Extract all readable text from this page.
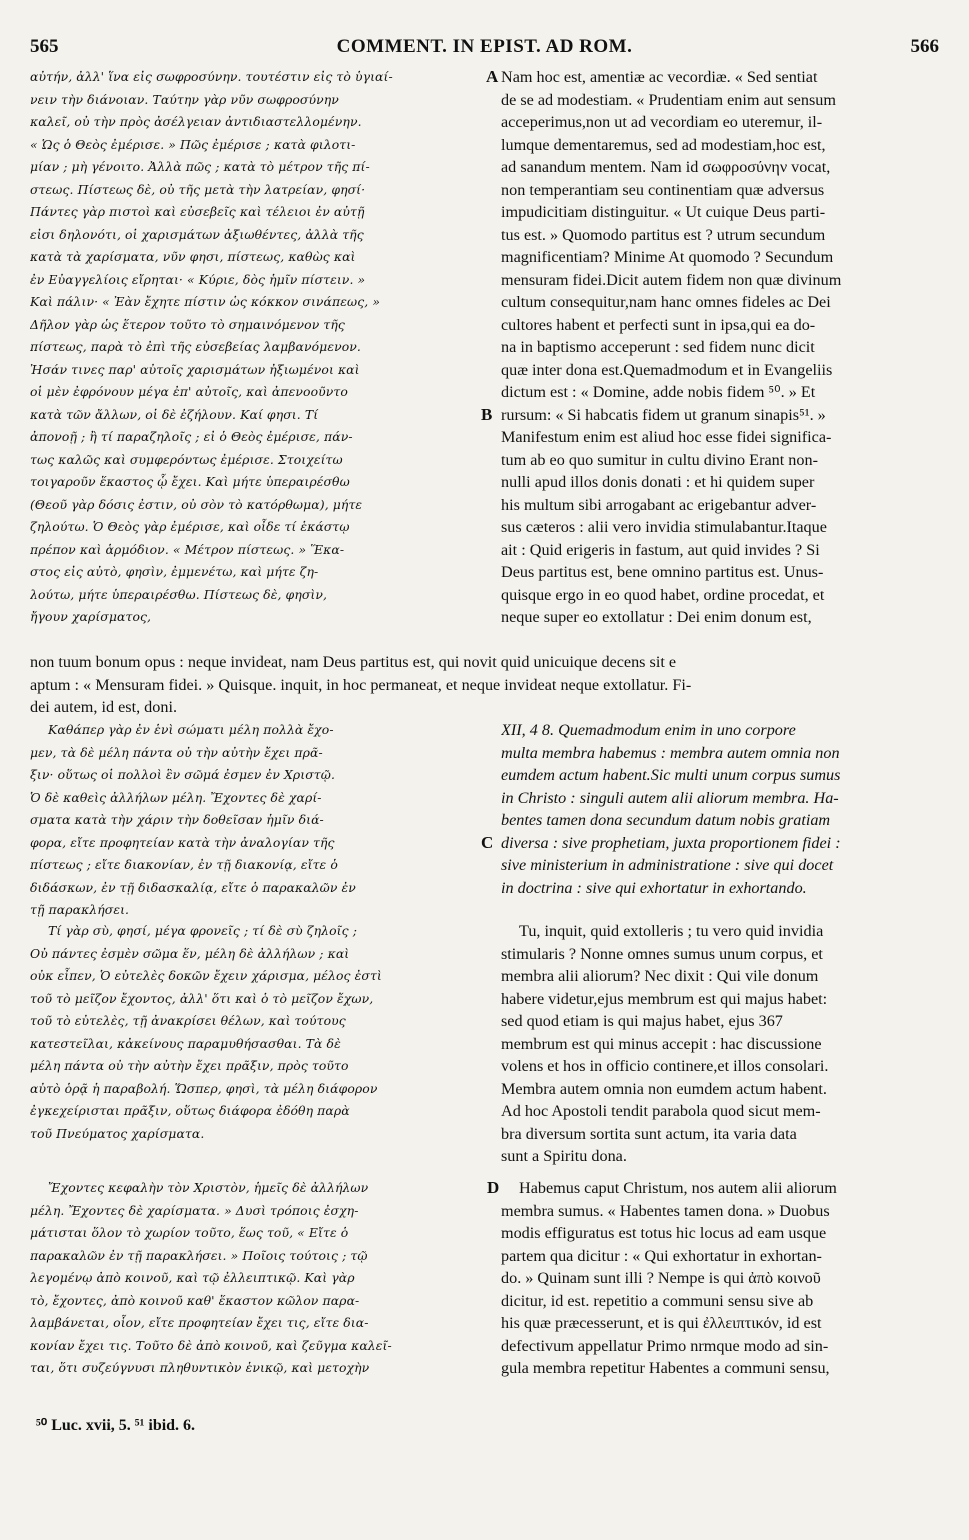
565	COMMENT. IN EPIST. AD ROM.	566
αὐτήν, ἀλλ' ἵνα εἰς σωφροσύνην. τουτέστιν εἰς τὸ ὑγιαί-
νειν τὴν διάνοιαν. Ταύτην γὰρ νῦν σωφροσύνην
καλεῖ, οὐ τὴν πρὸς ἀσέλγειαν ἀντιδιαστελλομένην.
« Ὡς ὁ Θεὸς ἐμέρισε. » Πῶς ἐμέρισε ; κατὰ φιλοτι-
μίαν ; μὴ γένοιτο. Ἀλλὰ πῶς ; κατὰ τὸ μέτρον τῆς πί-
στεως. Πίστεως δὲ, οὐ τῆς μετὰ τὴν λατρείαν, φησί·
Πάντες γὰρ πιστοὶ καὶ εὐσεβεῖς καὶ τέλειοι ἐν αὐτῇ
εἰσι δηλονότι, οἱ χαρισμάτων ἀξιωθέντες, ἀλλὰ τῆς
κατὰ τὰ χαρίσματα, νῦν φησι, πίστεως, καθὼς καὶ
ἐν Εὐαγγελίοις εἴρηται· « Κύριε, δὸς ἡμῖν πίστειν. »
Καὶ πάλιν· « Ἐὰν ἔχητε πίστιν ὡς κόκκον σινάπεως, »
Δῆλον γὰρ ὡς ἕτερον τοῦτο τὸ σημαινόμενον τῆς
πίστεως, παρὰ τὸ ἐπὶ τῆς εὐσεβείας λαμβανόμενον.
Ἠσάν τινες παρ' αὐτοῖς χαρισμάτων ἠξιωμένοι καὶ
οἱ μὲν ἐφρόνουν μέγα ἐπ' αὐτοῖς, καὶ ἀπενοοῦντο
κατὰ τῶν ἄλλων, οἱ δὲ ἐζήλουν. Καί φησι. Τί
ἀπονοῇ ; ἢ τί παραζηλοῖς ; εἰ ὁ Θεὸς ἐμέρισε, πάν-
τως καλῶς καὶ συμφερόντως ἐμέρισε. Στοιχείτω
τοιγαροῦν ἕκαστος ᾧ ἔχει. Καὶ μήτε ὑπεραιρέσθω
(Θεοῦ γὰρ δόσις ἐστιν, οὐ σὸν τὸ κατόρθωμα), μήτε
ζηλούτω. Ὁ Θεὸς γὰρ ἐμέρισε, καὶ οἶδε τί ἑκάστῳ
πρέπον καὶ ἁρμόδιον. « Μέτρον πίστεως. » Ἕκα-
στος εἰς αὐτὸ, φησὶν, ἐμμενέτω, καὶ μήτε ζη-
λούτω, μήτε ὑπεραιρέσθω. Πίστεως δὲ, φησὶν,
ἤγουν χαρίσματος,
Nam hoc est, amentiæ ac vecordiæ. « Sed sentiat
de se ad modestiam. « Prudentiam enim aut sensum
acceperimus,non ut ad vecordiam eo uteremur, il-
lumque dementaremus, sed ad modestiam,hoc est,
ad sanandum mentem. Nam id σωφροσύνην vocat,
non temperantiam seu continentiam quæ adversus
impudicitiam distinguitur. « Ut cuique Deus parti-
tus est. » Quomodo partitus est ? utrum secundum
magnificentiam? Minime At quomodo ? Secundum
mensuram fidei.Dicit autem fidem non quæ divinum
cultum consequitur,nam hanc omnes fideles ac Dei
cultores habent et perfecti sunt in ipsa,qui ea do-
na in baptismo acceperunt : sed fidem nunc dicit
quæ inter dona est.Quemadmodum et in Evangeliis
dictum est : « Domine, adde nobis fidem ⁵⁰. » Et
rursum: « Si habcatis fidem ut granum sinapis⁵¹. »
Manifestum enim est aliud hoc esse fidei significa-
tum ab eo quo sumitur in cultu divino Erant non-
nulli apud illos donis donati : et hi quidem super
his multum sibi arrogabant ac erigebantur adver-
sus cæteros : alii vero invidia stimulabantur.Itaque
ait : Quid erigeris in fastum, aut quid invides ? Si
Deus partitus est, bene omnino partitus est. Unus-
quisque ergo in eo quod habet, ordine procedat, et
neque super eo extollatur : Dei enim donum est,
non tuum bonum opus : neque invideat, nam Deus partitus est, qui novit quid unicuique decens sit e
aptum : « Mensuram fidei. » Quisque. inquit, in hoc permaneat, et neque invideat neque extollatur. Fi-
dei autem, id est, doni.
Καθάπερ γὰρ ἐν ἑνὶ σώματι μέλη πολλὰ ἔχο-
μεν, τὰ δὲ μέλη πάντα οὐ τὴν αὐτὴν ἔχει πρᾶ-
ξιν· οὕτως οἱ πολλοὶ ἓν σῶμά ἐσμεν ἐν Χριστῷ.
Ὁ δὲ καθεὶς ἀλλήλων μέλη. Ἔχοντες δὲ χαρί-
σματα κατὰ τὴν χάριν τὴν δοθεῖσαν ἡμῖν διά-
φορα, εἴτε προφητείαν κατὰ τὴν ἀναλογίαν τῆς
πίστεως ; εἴτε διακονίαν, ἐν τῇ διακονίᾳ, εἴτε ὁ
διδάσκων, ἐν τῇ διδασκαλίᾳ, εἴτε ὁ παρακαλῶν ἐν
τῇ παρακλήσει.
XII, 4 8. Quemadmodum enim in uno corpore
multa membra habemus : membra autem omnia non
eumdem actum habent.Sic multi unum corpus sumus
in Christo : singuli autem alii aliorum membra. Ha-
bentes tamen dona secundum datum nobis gratiam
diversa : sive prophetiam, juxta proportionem fidei :
sive ministerium in administratione : sive qui docet
in doctrina : sive qui exhortatur in exhortando.
Τί γὰρ σὺ, φησί, μέγα φρονεῖς ; τί δὲ σὺ ζηλοῖς ;
Οὐ πάντες ἐσμὲν σῶμα ἕν, μέλη δὲ ἀλλήλων ; καὶ
οὐκ εἶπεν, Ὁ εὐτελὲς δοκῶν ἔχειν χάρισμα, μέλος ἐστὶ
τοῦ τὸ μεῖζον ἔχοντος, ἀλλ' ὅτι καὶ ὁ τὸ μεῖζον ἔχων,
τοῦ τὸ εὐτελὲς, τῇ ἀνακρίσει θέλων, καὶ τούτους
κατεστεῖλαι, κἀκείνους παραμυθήσασθαι. Τὰ δὲ
μέλη πάντα οὐ τὴν αὐτὴν ἔχει πρᾶξιν, πρὸς τοῦτο
αὐτὸ ὁρᾷ ἡ παραβολή. Ὥσπερ, φησὶ, τὰ μέλη διάφορον
ἐγκεχείρισται πρᾶξιν, οὕτως διάφορα ἐδόθη παρὰ
τοῦ Πνεύματος χαρίσματα.
Tu, inquit, quid extolleris ; tu vero quid invidia
stimularis ? Nonne omnes sumus unum corpus, et
membra alii aliorum? Nec dixit : Qui vile donum
habere videtur,ejus membrum est qui majus habet:
sed quod etiam is qui majus habet, ejus 367
membrum est qui minus accepit : hac discussione
volens et hos in officio continere,et illos consolari.
Membra autem omnia non eumdem actum habent.
Ad hoc Apostoli tendit parabola quod sicut mem-
bra diversum sortita sunt actum, ita varia data
sunt a Spiritu dona.
Ἔχοντες κεφαλὴν τὸν Χριστὸν, ἡμεῖς δὲ ἀλλήλων
μέλη. Ἔχοντες δὲ χαρίσματα. » Δυσὶ τρόποις ἐσχη-
μάτισται ὅλον τὸ χωρίον τοῦτο, ἕως τοῦ, « Εἴτε ὁ
παρακαλῶν ἐν τῇ παρακλήσει. » Ποῖοις τούτοις ; τῷ
λεγομένῳ ἀπὸ κοινοῦ, καὶ τῷ ἐλλειπτικῷ. Καὶ γὰρ
τὸ, ἔχοντες, ἀπὸ κοινοῦ καθ' ἕκαστον κῶλον παρα-
λαμβάνεται, οἷον, εἴτε προφητείαν ἔχει τις, εἴτε δια-
κονίαν ἔχει τις. Τοῦτο δὲ ἀπὸ κοινοῦ, καὶ ζεῦγμα καλεῖ-
ται, ὅτι συζεύγνυσι πληθυντικὸν ἑνικῷ, καὶ μετοχὴν
Habemus caput Christum, nos autem alii aliorum
membra sumus. « Habentes tamen dona. » Duobus
modis effiguratus est totus hic locus ad eam usque
partem qua dicitur : « Qui exhortatur in exhortan-
do. » Quinam sunt illi ? Nempe is qui ἀπὸ κοινοῦ
dicitur, id est. repetitio a communi sensu sive ab
his quæ præcesserunt, et is qui ἐλλειπτικόν, id est
defectivum appellatur Primo nrmque modo ad sin-
gula membra repetitur Habentes a communi sensu,
A
B
C
D
⁵⁰ Luc. xvii, 5. ⁵¹ ibid. 6.
